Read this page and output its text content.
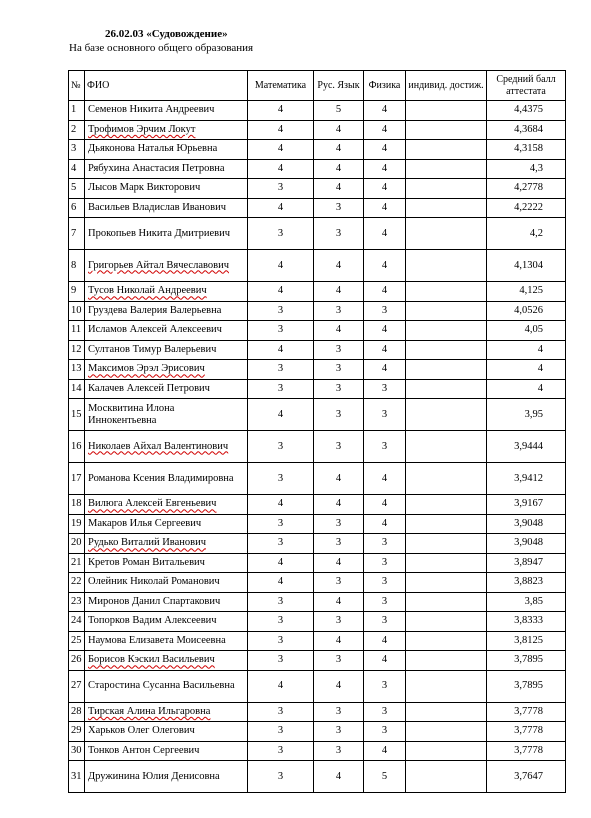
26.02.03 «Судовождение»
На базе основного общего образования
№	ФИО	Математика	Рус. Язык	Физика	индивид. достиж.	Средний балл аттестата
1	Семенов Никита Андреевич	4	5	4		4,4375
2	Трофимов Эрчим Локут	4	4	4		4,3684
3	Дьяконова Наталья Юрьевна	4	4	4		4,3158
4	Рябухина Анастасия Петровна	4	4	4		4,3
5	Лысов Марк Викторович	3	4	4		4,2778
6	Васильев Владислав Иванович	4	3	4		4,2222
7	Прокопьев Никита Дмитриевич	3	3	4		4,2
8	Григорьев Айтал Вячеславович	4	4	4		4,1304
9	Тусов Николай Андреевич	4	4	4		4,125
10	Груздева Валерия Валерьевна	3	3	3		4,0526
11	Исламов Алексей Алексеевич	3	4	4		4,05
12	Султанов Тимур Валерьевич	4	3	4		4
13	Максимов Эрэл Эрисович	3	3	4		4
14	Калачев Алексей Петрович	3	3	3		4
15	Москвитина Илона Иннокентьевна	4	3	3		3,95
16	Николаев Айхал Валентинович	3	3	3		3,9444
17	Романова Ксения Владимировна	3	4	4		3,9412
18	Вилюга Алексей Евгеньевич	4	4	4		3,9167
19	Макаров Илья Сергеевич	3	3	4		3,9048
20	Рудько Виталий Иванович	3	3	3		3,9048
21	Кретов Роман Витальевич	4	4	3		3,8947
22	Олейник Николай Романович	4	3	3		3,8823
23	Миронов Данил Спартакович	3	4	3		3,85
24	Топорков Вадим Алексеевич	3	3	3		3,8333
25	Наумова Елизавета Моисеевна	3	4	4		3,8125
26	Борисов Кэскил Васильевич	3	3	4		3,7895
27	Старостина Сусанна Васильевна	4	4	3		3,7895
28	Тирская Алина Ильгаровна	3	3	3		3,7778
29	Харьков Олег Олегович	3	3	3		3,7778
30	Тонков Антон Сергеевич	3	3	4		3,7778
31	Дружинина Юлия Денисовна	3	4	5		3,7647
